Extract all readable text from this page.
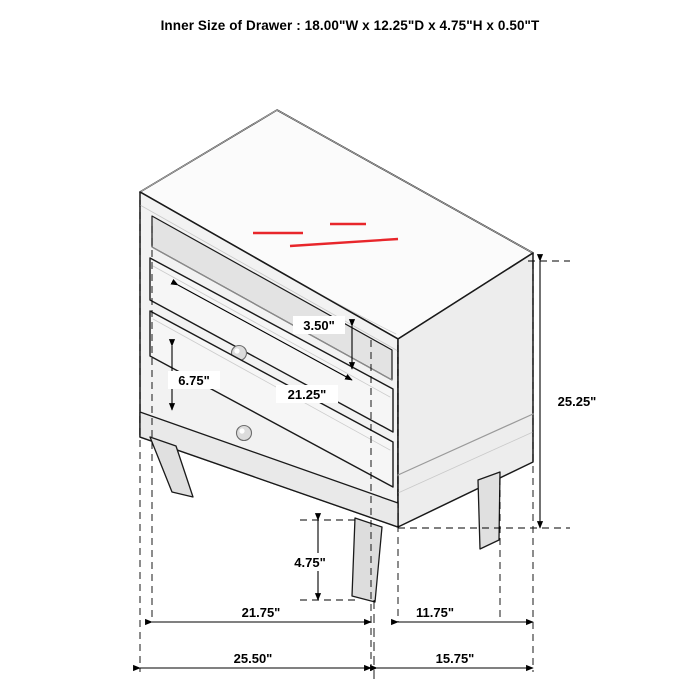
Inner Size of Drawer : 18.00"W x 12.25"D x 4.75"H x 0.50"T
3.50"
6.75"
21.25"	25.25"
4.75"
21.75"	11.75"
25.50"	15.75"
